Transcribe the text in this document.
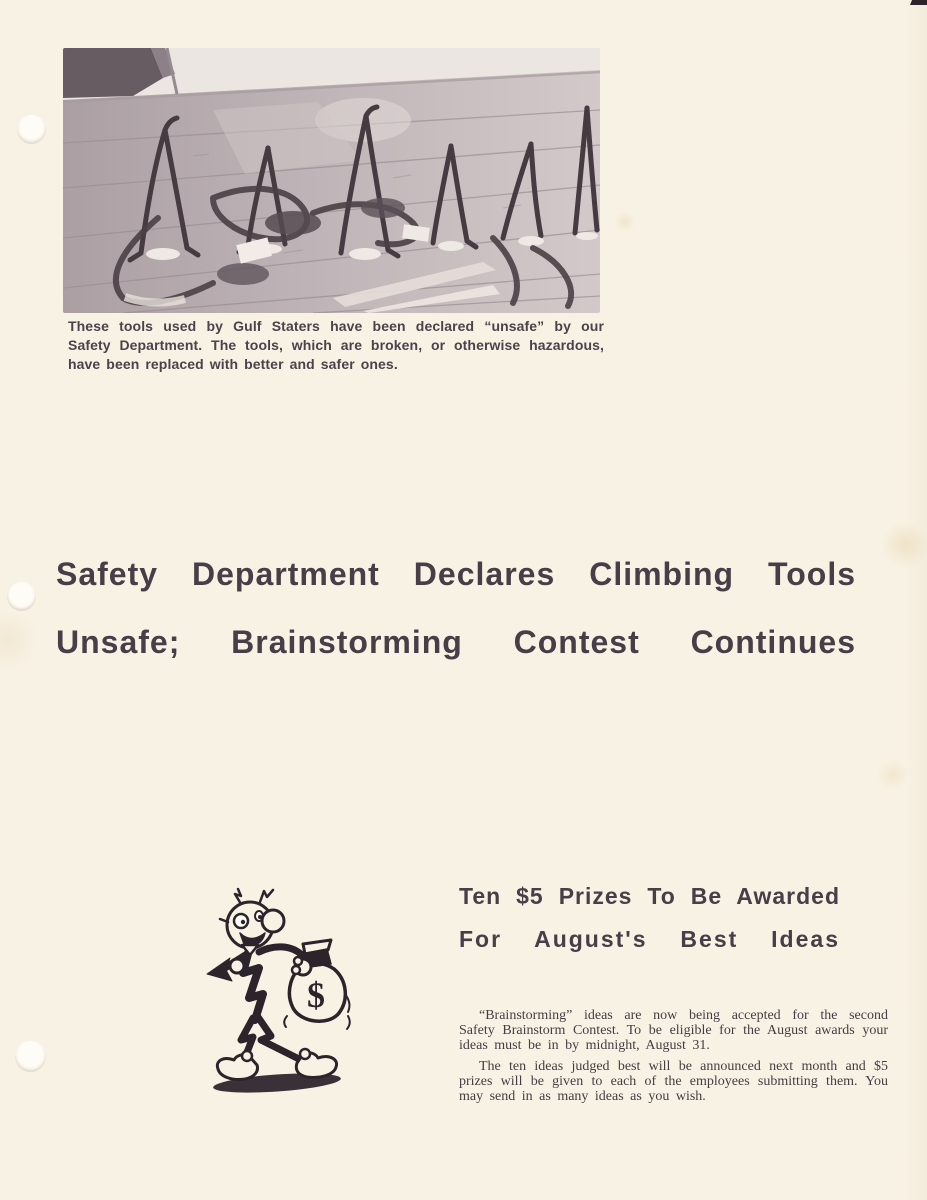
These tools used by Gulf Staters have been declared “unsafe” by our Safety Department. The tools, which are broken, or otherwise hazardous, have been replaced with better and safer ones.

Safety Department Declares Climbing Tools
Unsafe; Brainstorming Contest Continues
$
Ten $5 Prizes To Be Awarded
For August's Best Ideas

“Brainstorming” ideas are now being accepted for the second Safety Brainstorm Contest. To be eligible for the August awards your ideas must be in by midnight, August 31.

The ten ideas judged best will be announced next month and $5 prizes will be given to each of the employees submitting them. You may send in as many ideas as you wish.
